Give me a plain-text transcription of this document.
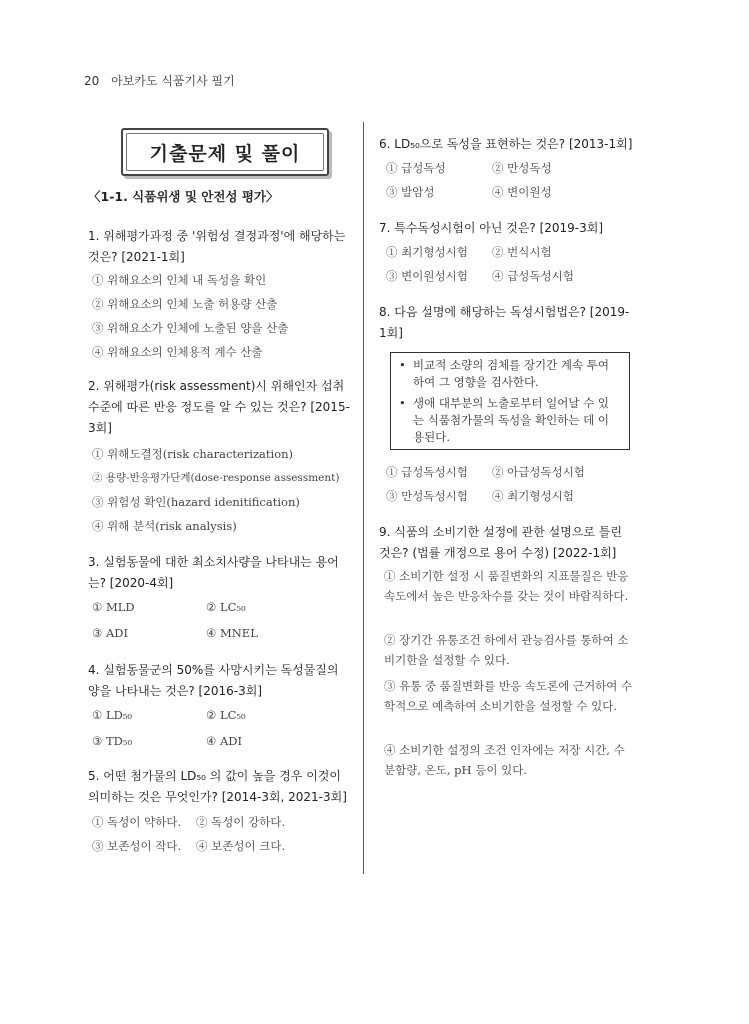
20 아보카도 식품기사 필기
기출문제 및 풀이
〈1-1. 식품위생 및 안전성 평가〉
1. 위해평가과정 중 '위험성 결정과정'에 해당하는 것은? [2021-1회]
① 위해요소의 인체 내 독성을 확인
② 위해요소의 인체 노출 허용량 산출
③ 위해요소가 인체에 노출된 양을 산출
④ 위해요소의 인체용적 계수 산출
2. 위해평가(risk assessment)시 위해인자 섭취 수준에 따른 반응 정도를 알 수 있는 것은? [2015-3회]
① 위해도결정(risk characterization)
② 용량-반응평가단계(dose-response assessment)
③ 위험성 확인(hazard idenitification)
④ 위해 분석(risk analysis)
3. 실험동물에 대한 최소치사량을 나타내는 용어는? [2020-4회]
① MLD	② LC₅₀
③ ADI	④ MNEL
4. 실험동물군의 50%를 사망시키는 독성물질의 양을 나타내는 것은? [2016-3회]
① LD₅₀	② LC₅₀
③ TD₅₀	④ ADI
5. 어떤 첨가물의 LD₅₀ 의 값이 높을 경우 이것이 의미하는 것은 무엇인가? [2014-3회, 2021-3회]
① 독성이 약하다. ② 독성이 강하다.
③ 보존성이 작다. ④ 보존성이 크다.
6. LD₅₀으로 독성을 표현하는 것은? [2013-1회]
① 급성독성	② 만성독성
③ 발암성	④ 변이원성
7. 특수독성시험이 아닌 것은? [2019-3회]
① 최기형성시험 ② 번식시험
③ 변이원성시험 ④ 급성독성시험
8. 다음 설명에 해당하는 독성시험법은? [2019-1회]
• 비교적 소량의 검체를 장기간 계속 투여하여 그 영향을 검사한다.
• 생애 대부분의 노출로부터 일어날 수 있는 식품첨가물의 독성을 확인하는 데 이용된다.
① 급성독성시험 ② 아급성독성시험
③ 만성독성시험 ④ 최기형성시험
9. 식품의 소비기한 설정에 관한 설명으로 틀린 것은? (법률 개정으로 용어 수정) [2022-1회]
① 소비기한 설정 시 품질변화의 지표물질은 반응속도에서 높은 반응차수를 갖는 것이 바람직하다.
② 장기간 유통조건 하에서 관능검사를 통하여 소비기한을 설정할 수 있다.
③ 유통 중 품질변화를 반응 속도론에 근거하여 수학적으로 예측하여 소비기한을 설정할 수 있다.
④ 소비기한 설정의 조건 인자에는 저장 시간, 수분함량, 온도, pH 등이 있다.
